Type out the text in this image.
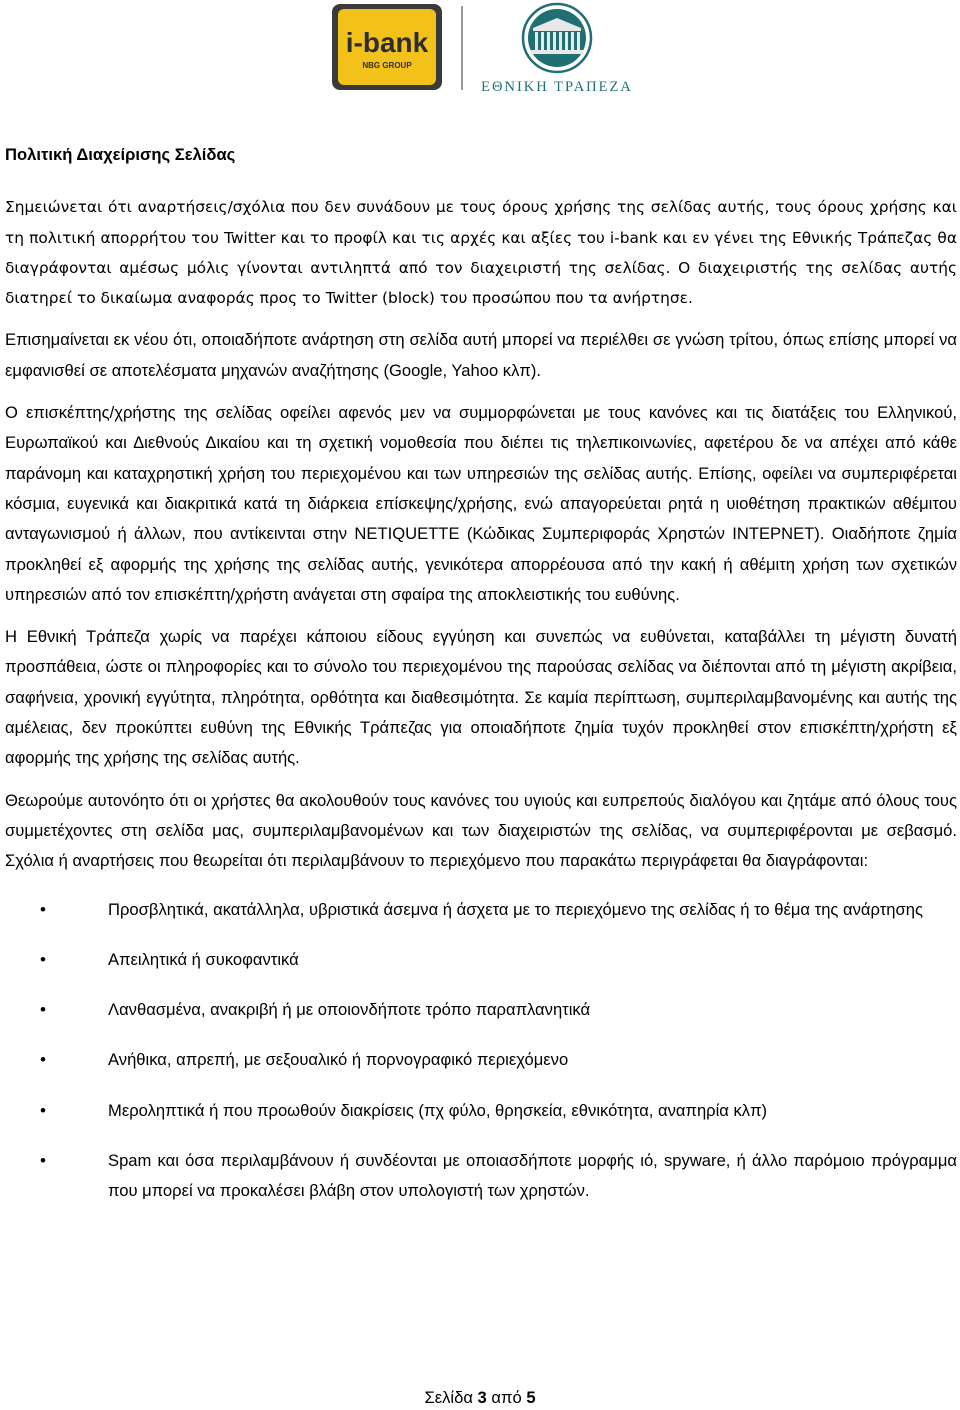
i-bank
NBG GROUP
ΕΘΝΙΚΗ ΤΡΑΠΕΖΑ
Πολιτική Διαχείρισης Σελίδας

Σημειώνεται ότι αναρτήσεις/σχόλια που δεν συνάδουν με τους όρους χρήσης της σελίδας αυτής, τους όρους χρήσης και τη πολιτική απορρήτου του Twitter και το προφίλ και τις αρχές και αξίες του i-bank και εν γένει της Εθνικής Τράπεζας θα διαγράφονται αμέσως μόλις γίνονται αντιληπτά από τον διαχειριστή της σελίδας. Ο διαχειριστής της σελίδας αυτής διατηρεί το δικαίωμα αναφοράς προς το Twitter (block) του προσώπου που τα ανήρτησε.

Επισημαίνεται εκ νέου ότι, οποιαδήποτε ανάρτηση στη σελίδα αυτή μπορεί να περιέλθει σε γνώση τρίτου, όπως επίσης μπορεί να εμφανισθεί σε αποτελέσματα μηχανών αναζήτησης (Google, Yahoo κλπ).

Ο επισκέπτης/χρήστης της σελίδας οφείλει αφενός μεν να συμμορφώνεται με τους κανόνες και τις διατάξεις του Ελληνικού, Ευρωπαϊκού και Διεθνούς Δικαίου και τη σχετική νομοθεσία που διέπει τις τηλεπικοινωνίες, αφετέρου δε να απέχει από κάθε παράνομη και καταχρηστική χρήση του περιεχομένου και των υπηρεσιών της σελίδας αυτής. Επίσης, οφείλει να συμπεριφέρεται κόσμια, ευγενικά και διακριτικά κατά τη διάρκεια επίσκεψης/χρήσης, ενώ απαγορεύεται ρητά η υιοθέτηση πρακτικών αθέμιτου ανταγωνισμού ή άλλων, που αντίκεινται στην NETIQUETTE (Κώδικας Συμπεριφοράς Χρηστών ΙΝΤΕΡΝΕΤ). Οιαδήποτε ζημία προκληθεί εξ αφορμής της χρήσης της σελίδας αυτής, γενικότερα απορρέουσα από την κακή ή αθέμιτη χρήση των σχετικών υπηρεσιών από τον επισκέπτη/χρήστη ανάγεται στη σφαίρα της αποκλειστικής του ευθύνης.

Η Εθνική Τράπεζα χωρίς να παρέχει κάποιου είδους εγγύηση και συνεπώς να ευθύνεται, καταβάλλει τη μέγιστη δυνατή προσπάθεια, ώστε οι πληροφορίες και το σύνολο του περιεχομένου της παρούσας σελίδας να διέπονται από τη μέγιστη ακρίβεια, σαφήνεια, χρονική εγγύτητα, πληρότητα, ορθότητα και διαθεσιμότητα. Σε καμία περίπτωση, συμπεριλαμβανομένης και αυτής της αμέλειας, δεν προκύπτει ευθύνη της Εθνικής Τράπεζας για οποιαδήποτε ζημία τυχόν προκληθεί στον επισκέπτη/χρήστη εξ αφορμής της χρήσης της σελίδας αυτής.

Θεωρούμε αυτονόητο ότι οι χρήστες θα ακολουθούν τους κανόνες του υγιούς και ευπρεπούς διαλόγου και ζητάμε από όλους τους συμμετέχοντες στη σελίδα μας, συμπεριλαμβανομένων και των διαχειριστών της σελίδας, να συμπεριφέρονται με σεβασμό. Σχόλια ή αναρτήσεις που θεωρείται ότι περιλαμβάνουν το περιεχόμενο που παρακάτω περιγράφεται θα διαγράφονται:

•	Προσβλητικά, ακατάλληλα, υβριστικά άσεμνα ή άσχετα με το περιεχόμενο της σελίδας ή το θέμα της ανάρτησης
•	Απειλητικά ή συκοφαντικά
•	Λανθασμένα, ανακριβή ή με οποιονδήποτε τρόπο παραπλανητικά
•	Ανήθικα, απρεπή, με σεξουαλικό ή πορνογραφικό περιεχόμενο
•	Μεροληπτικά ή που προωθούν διακρίσεις (πχ φύλο, θρησκεία, εθνικότητα, αναπηρία κλπ)
•	Spam και όσα περιλαμβάνουν ή συνδέονται με οποιασδήποτε μορφής ιό, spyware, ή άλλο παρόμοιο πρόγραμμα που μπορεί να προκαλέσει βλάβη στον υπολογιστή των χρηστών.
Σελίδα 3 από 5
